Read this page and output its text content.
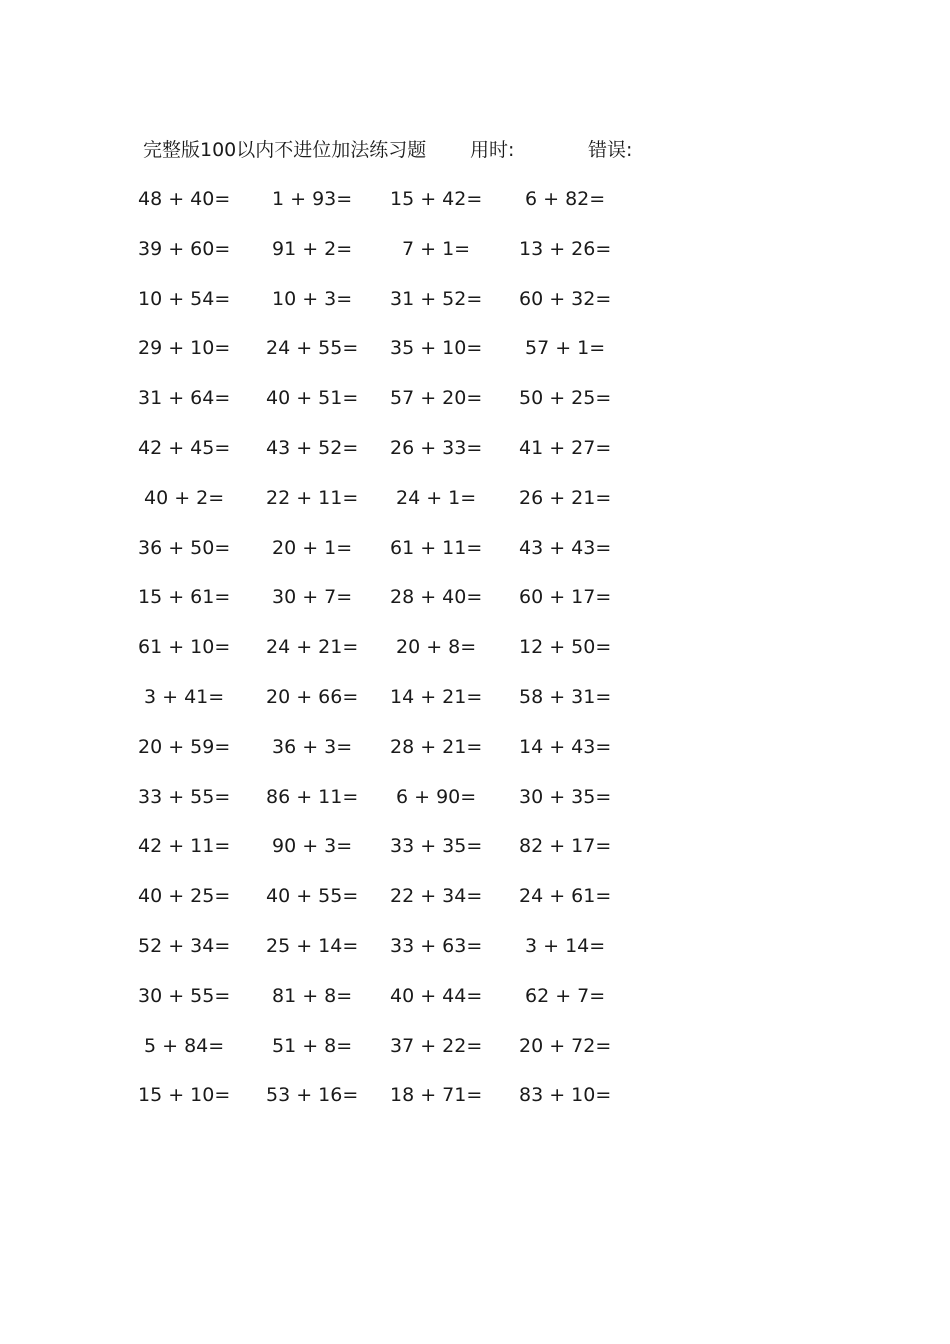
完整版100以内不进位加法练习题 用时:	错误:
48 + 40= 1 + 93= 15 + 42= 6 + 82=
39 + 60= 91 + 2=	7 + 1=	13 + 26=
10 + 54= 10 + 3= 31 + 52= 60 + 32=
29 + 10= 24 + 55= 35 + 10= 57 + 1=
31 + 64= 40 + 51= 57 + 20= 50 + 25=
42 + 45= 43 + 52= 26 + 33= 41 + 27=
40 + 2= 22 + 11= 24 + 1= 26 + 21=
36 + 50= 20 + 1= 61 + 11= 43 + 43=
15 + 61= 30 + 7= 28 + 40= 60 + 17=
61 + 10= 24 + 21= 20 + 8= 12 + 50=
3 + 41= 20 + 66= 14 + 21= 58 + 31=
20 + 59= 36 + 3= 28 + 21= 14 + 43=
33 + 55= 86 + 11= 6 + 90= 30 + 35=
42 + 11= 90 + 3= 33 + 35= 82 + 17=
40 + 25= 40 + 55= 22 + 34= 24 + 61=
52 + 34= 25 + 14= 33 + 63= 3 + 14=
30 + 55= 81 + 8= 40 + 44= 62 + 7=
5 + 84=	51 + 8= 37 + 22= 20 + 72=
15 + 10= 53 + 16= 18 + 71= 83 + 10=
